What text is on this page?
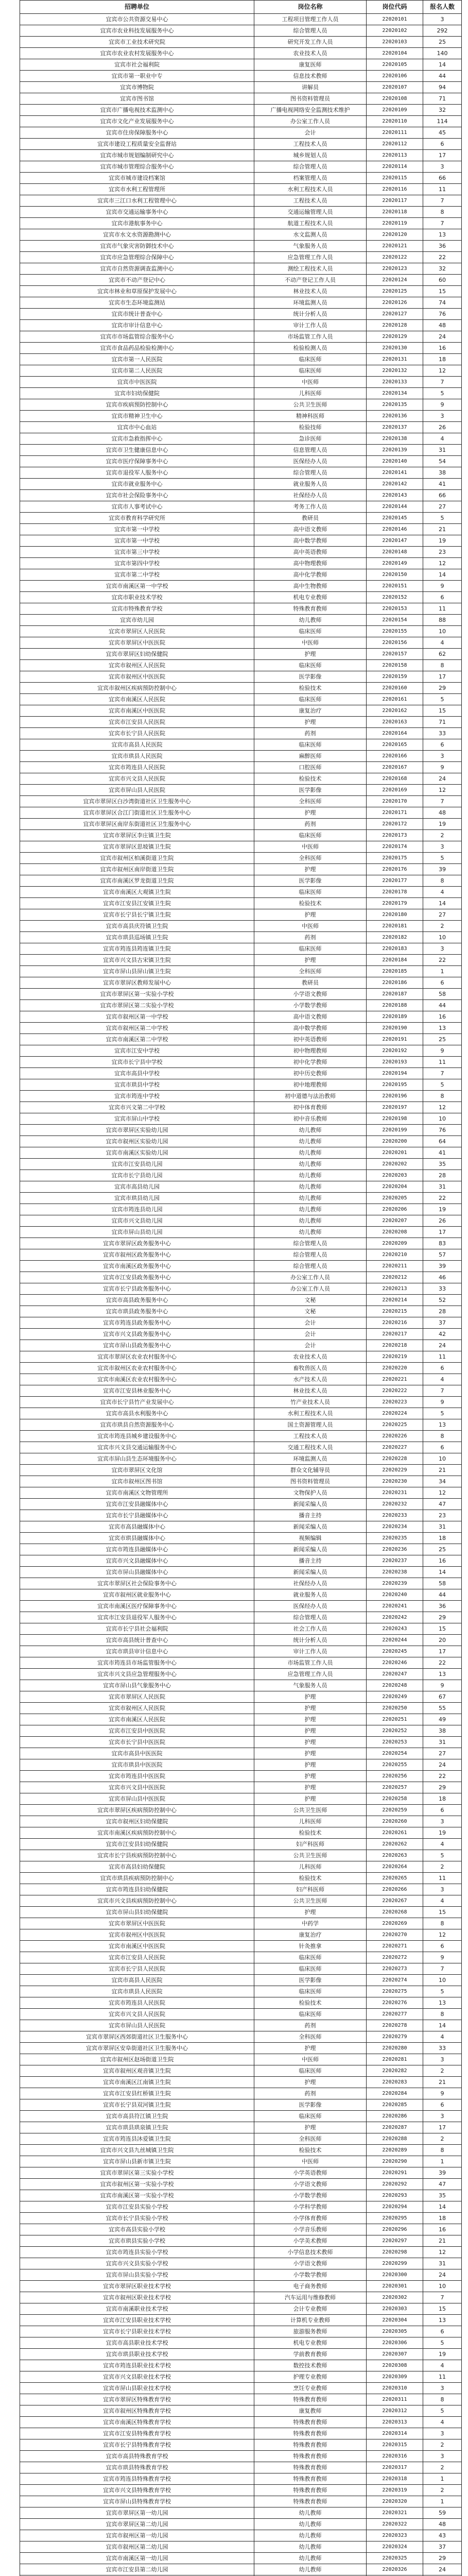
招聘单位	岗位名称	岗位代码	报名人数
宜宾市公共资源交易中心	工程项目管理工作人员	22020101	3
宜宾市农业科技发展服务中心	综合管理人员	22020102	292
宜宾市工业技术研究院	研究开发工作人员	22020103	25
宜宾市农业农村发展服务中心	农业技术人员	22020104	140
宜宾市社会福利院	康复医师	22020105	14
宜宾市第一职业中专	信息技术教师	22020106	44
宜宾市博物院	讲解员	22020107	94
宜宾市图书馆	图书资料管理员	22020108	71
宜宾市广播电视技术监测中心	广播电视网络安全监测技术维护	22020109	32
宜宾市文化产业发展服务中心	办公室工作人员	22020110	114
宜宾市住房保障服务中心	会计	22020111	45
宜宾市建设工程质量安全监督站	工程技术人员	22020112	6
宜宾市城市规划编制研究中心	城乡规划人员	22020113	17
宜宾市城市管理综合服务中心	综合管理人员	22020114	3
宜宾市城市建设档案馆	档案管理人员	22020115	66
宜宾市水利工程管理所	水利工程技术人员	22020116	11
宜宾市三江口水利工程管理中心	工程技术人员	22020117	7
宜宾市交通运输事务中心	交通运输管理人员	22020118	8
宜宾市港航事务中心	航道工程技术人员	22020119	7
宜宾市水文水资源勘测中心	水文监测人员	22020120	13
宜宾市气象灾害防御技术中心	气象服务人员	22020121	36
宜宾市应急管理综合保障中心	应急管理工作人员	22020122	22
宜宾市自然资源调查监测中心	测绘工程技术人员	22020123	32
宜宾市不动产登记中心	不动产登记工作人员	22020124	60
宜宾市林业和草原保护发展中心	林业技术人员	22020125	15
宜宾市生态环境监测站	环境监测人员	22020126	74
宜宾市统计普查中心	统计分析人员	22020127	76
宜宾市审计信息中心	审计工作人员	22020128	48
宜宾市市场监管综合服务中心	市场监管工作人员	22020129	24
宜宾市食品药品检验检测中心	检验检测人员	22020130	16
宜宾市第一人民医院	临床医师	22020131	18
宜宾市第二人民医院	临床医师	22020132	12
宜宾市中医医院	中医师	22020133	7
宜宾市妇幼保健院	儿科医师	22020134	5
宜宾市疾病预防控制中心	公共卫生医师	22020135	9
宜宾市精神卫生中心	精神科医师	22020136	3
宜宾市中心血站	检验技师	22020137	26
宜宾市急救指挥中心	急诊医师	22020138	4
宜宾市卫生健康信息中心	信息管理人员	22020139	31
宜宾市医疗保障事务中心	医保经办人员	22020140	54
宜宾市退役军人服务中心	综合管理人员	22020141	38
宜宾市就业服务中心	就业服务人员	22020142	41
宜宾市社会保险事务中心	社保经办人员	22020143	66
宜宾市人事考试中心	考务工作人员	22020144	27
宜宾市教育科学研究所	教研员	22020145	5
宜宾市第一中学校	高中语文教师	22020146	21
宜宾市第一中学校	高中数学教师	22020147	19
宜宾市第三中学校	高中英语教师	22020148	23
宜宾市第四中学校	高中物理教师	22020149	12
宜宾市第二中学校	高中化学教师	22020150	14
宜宾市南溪区第一中学校	高中生物教师	22020151	9
宜宾市职业技术学校	机电专业教师	22020152	6
宜宾市特殊教育学校	特殊教育教师	22020153	11
宜宾市幼儿园	幼儿教师	22020154	88
宜宾市翠屏区人民医院	临床医师	22020155	10
宜宾市翠屏区中医医院	中医师	22020156	4
宜宾市翠屏区妇幼保健院	护理	22020157	62
宜宾市叙州区人民医院	临床医师	22020158	8
宜宾市叙州区中医医院	医学影像	22020159	17
宜宾市叙州区疾病预防控制中心	检验技术	22020160	29
宜宾市南溪区人民医院	临床医师	22020161	5
宜宾市南溪区中医医院	康复治疗	22020162	15
宜宾市江安县人民医院	护理	22020163	71
宜宾市长宁县人民医院	药剂	22020164	33
宜宾市高县人民医院	临床医师	22020165	6
宜宾市珙县人民医院	麻醉医师	22020166	3
宜宾市筠连县人民医院	口腔医师	22020167	9
宜宾市兴文县人民医院	检验技术	22020168	24
宜宾市屏山县人民医院	医学影像	22020169	12
宜宾市翠屏区白沙湾街道社区卫生服务中心	全科医师	22020170	7
宜宾市翠屏区合江门街道社区卫生服务中心	护理	22020171	48
宜宾市翠屏区南岸东街道社区卫生服务中心	药剂	22020172	19
宜宾市翠屏区李庄镇卫生院	临床医师	22020173	2
宜宾市翠屏区思坡镇卫生院	中医师	22020174	3
宜宾市叙州区柏溪街道卫生院	全科医师	22020175	5
宜宾市叙州区南岸街道卫生院	护理	22020176	39
宜宾市南溪区罗龙街道卫生院	医学影像	22020177	8
宜宾市南溪区大观镇卫生院	临床医师	22020178	4
宜宾市江安县江安镇卫生院	检验技术	22020179	14
宜宾市长宁县长宁镇卫生院	护理	22020180	27
宜宾市高县庆符镇卫生院	中医师	22020181	2
宜宾市珙县巡场镇卫生院	药剂	22020182	10
宜宾市筠连县筠连镇卫生院	临床医师	22020183	3
宜宾市兴文县古宋镇卫生院	护理	22020184	22
宜宾市屏山县屏山镇卫生院	全科医师	22020185	1
宜宾市翠屏区教师发展中心	教研员	22020186	6
宜宾市翠屏区第一实验小学校	小学语文教师	22020187	58
宜宾市翠屏区第二实验小学校	小学数学教师	22020188	44
宜宾市叙州区第一中学校	高中语文教师	22020189	16
宜宾市叙州区第二中学校	高中数学教师	22020190	13
宜宾市南溪区第二中学校	初中英语教师	22020191	25
宜宾市江安中学校	初中物理教师	22020192	9
宜宾市长宁县中学校	初中化学教师	22020193	11
宜宾市高县中学校	初中历史教师	22020194	7
宜宾市珙县中学校	初中地理教师	22020195	5
宜宾市筠连中学校	初中道德与法治教师	22020196	8
宜宾市兴文第二中学校	初中体育教师	22020197	12
宜宾市屏山中学校	初中音乐教师	22020198	10
宜宾市翠屏区实验幼儿园	幼儿教师	22020199	76
宜宾市叙州区实验幼儿园	幼儿教师	22020200	64
宜宾市南溪区实验幼儿园	幼儿教师	22020201	41
宜宾市江安县幼儿园	幼儿教师	22020202	35
宜宾市长宁县幼儿园	幼儿教师	22020203	28
宜宾市高县幼儿园	幼儿教师	22020204	31
宜宾市珙县幼儿园	幼儿教师	22020205	22
宜宾市筠连县幼儿园	幼儿教师	22020206	19
宜宾市兴文县幼儿园	幼儿教师	22020207	26
宜宾市屏山县幼儿园	幼儿教师	22020208	17
宜宾市翠屏区政务服务中心	综合管理人员	22020209	83
宜宾市叙州区政务服务中心	综合管理人员	22020210	57
宜宾市南溪区政务服务中心	综合管理人员	22020211	39
宜宾市江安县政务服务中心	办公室工作人员	22020212	46
宜宾市长宁县政务服务中心	办公室工作人员	22020213	33
宜宾市高县政务服务中心	文秘	22020214	52
宜宾市珙县政务服务中心	文秘	22020215	28
宜宾市筠连县政务服务中心	会计	22020216	37
宜宾市兴文县政务服务中心	会计	22020217	42
宜宾市屏山县政务服务中心	会计	22020218	24
宜宾市翠屏区农业农村服务中心	农业技术人员	22020219	11
宜宾市叙州区农业农村服务中心	畜牧兽医人员	22020220	6
宜宾市南溪区农业农村服务中心	水产技术人员	22020221	4
宜宾市江安县林业服务中心	林业技术人员	22020222	7
宜宾市长宁县竹产业发展中心	竹产业技术人员	22020223	9
宜宾市高县水利服务中心	水利工程技术人员	22020224	5
宜宾市珙县自然资源服务中心	国土资源管理人员	22020225	13
宜宾市筠连县城乡建设服务中心	工程技术人员	22020226	8
宜宾市兴文县交通运输服务中心	交通工程技术人员	22020227	6
宜宾市屏山县生态环境服务中心	环境监测人员	22020228	10
宜宾市翠屏区文化馆	群众文化辅导员	22020229	21
宜宾市叙州区图书馆	图书资料管理员	22020230	34
宜宾市南溪区文物管理所	文物保护人员	22020231	12
宜宾市江安县融媒体中心	新闻采编人员	22020232	47
宜宾市长宁县融媒体中心	播音主持	22020233	23
宜宾市高县融媒体中心	新闻采编人员	22020234	31
宜宾市珙县融媒体中心	视频编辑	22020235	18
宜宾市筠连县融媒体中心	新闻采编人员	22020236	25
宜宾市兴文县融媒体中心	播音主持	22020237	16
宜宾市屏山县融媒体中心	新闻采编人员	22020238	14
宜宾市翠屏区社会保险事务中心	社保经办人员	22020239	58
宜宾市叙州区就业服务中心	就业服务人员	22020240	44
宜宾市南溪区医疗保障事务中心	医保经办人员	22020241	36
宜宾市江安县退役军人服务中心	综合管理人员	22020242	29
宜宾市长宁县社会福利院	社会工作人员	22020243	15
宜宾市高县统计普查中心	统计分析人员	22020244	20
宜宾市珙县审计信息中心	审计工作人员	22020245	17
宜宾市筠连县市场监管服务中心	市场监管工作人员	22020246	22
宜宾市兴文县应急管理服务中心	应急管理工作人员	22020247	13
宜宾市屏山县气象服务中心	气象服务人员	22020248	9
宜宾市翠屏区人民医院	护理	22020249	67
宜宾市叙州区人民医院	护理	22020250	55
宜宾市南溪区人民医院	护理	22020251	49
宜宾市江安县中医医院	护理	22020252	38
宜宾市长宁县中医医院	护理	22020253	31
宜宾市高县中医医院	护理	22020254	27
宜宾市珙县中医医院	护理	22020255	24
宜宾市筠连县中医医院	护理	22020256	22
宜宾市兴文县中医医院	护理	22020257	29
宜宾市屏山县中医医院	护理	22020258	18
宜宾市翠屏区疾病预防控制中心	公共卫生医师	22020259	6
宜宾市叙州区妇幼保健院	儿科医师	22020260	3
宜宾市南溪区疾病预防控制中心	检验技术	22020261	19
宜宾市江安县妇幼保健院	妇产科医师	22020262	4
宜宾市长宁县疾病预防控制中心	公共卫生医师	22020263	5
宜宾市高县妇幼保健院	儿科医师	22020264	2
宜宾市珙县疾病预防控制中心	检验技术	22020265	11
宜宾市筠连县妇幼保健院	妇产科医师	22020266	3
宜宾市兴文县疾病预防控制中心	公共卫生医师	22020267	4
宜宾市屏山县妇幼保健院	护理	22020268	15
宜宾市翠屏区中医医院	中药学	22020269	8
宜宾市叙州区中医医院	康复治疗	22020270	12
宜宾市南溪区中医医院	针灸推拿	22020271	6
宜宾市江安县人民医院	临床医师	22020272	9
宜宾市长宁县人民医院	临床医师	22020273	7
宜宾市高县人民医院	医学影像	22020274	10
宜宾市珙县人民医院	临床医师	22020275	5
宜宾市筠连县人民医院	检验技术	22020276	13
宜宾市兴文县人民医院	临床医师	22020277	8
宜宾市屏山县人民医院	药剂	22020278	14
宜宾市翠屏区西郊街道社区卫生服务中心	全科医师	22020279	4
宜宾市翠屏区安阜街道社区卫生服务中心	护理	22020280	33
宜宾市叙州区赵场街道卫生院	中医师	22020281	3
宜宾市叙州区观音镇卫生院	临床医师	22020282	2
宜宾市南溪区江南镇卫生院	护理	22020283	21
宜宾市江安县红桥镇卫生院	药剂	22020284	9
宜宾市长宁县双河镇卫生院	医学影像	22020285	6
宜宾市高县符江镇卫生院	临床医师	22020286	3
宜宾市珙县珙泉镇卫生院	护理	22020287	17
宜宾市筠连县沐爱镇卫生院	全科医师	22020288	2
宜宾市兴文县九丝城镇卫生院	检验技术	22020289	8
宜宾市屏山县新市镇卫生院	中医师	22020290	1
宜宾市翠屏区第三实验小学校	小学英语教师	22020291	39
宜宾市叙州区第一实验小学校	小学语文教师	22020292	47
宜宾市南溪区第一实验小学校	小学数学教师	22020293	35
宜宾市江安县实验小学校	小学科学教师	22020294	14
宜宾市长宁县实验小学校	小学体育教师	22020295	18
宜宾市高县实验小学校	小学音乐教师	22020296	16
宜宾市珙县实验小学校	小学美术教师	22020297	21
宜宾市筠连县实验小学校	小学信息技术教师	22020298	12
宜宾市兴文县实验小学校	小学语文教师	22020299	31
宜宾市屏山县实验小学校	小学数学教师	22020300	24
宜宾市翠屏区职业技术学校	电子商务教师	22020301	10
宜宾市叙州区职业技术学校	汽车运用与维修教师	22020302	7
宜宾市南溪职业技术学校	会计专业教师	22020303	15
宜宾市江安县职业技术学校	计算机专业教师	22020304	13
宜宾市长宁县职业技术学校	旅游服务教师	22020305	6
宜宾市高县职业技术学校	机电专业教师	22020306	5
宜宾市珙县职业技术学校	学前教育教师	22020307	19
宜宾市筠连县职业技术学校	数控技术教师	22020308	4
宜宾市兴文县职业技术学校	护理专业教师	22020309	11
宜宾市屏山县职业技术学校	烹饪专业教师	22020310	3
宜宾市翠屏区特殊教育学校	特殊教育教师	22020311	8
宜宾市叙州区特殊教育学校	康复教师	22020312	5
宜宾市南溪区特殊教育学校	特殊教育教师	22020313	4
宜宾市江安县特殊教育学校	特殊教育教师	22020314	3
宜宾市长宁县特殊教育学校	特殊教育教师	22020315	2
宜宾市高县特殊教育学校	特殊教育教师	22020316	3
宜宾市珙县特殊教育学校	特殊教育教师	22020317	2
宜宾市筠连县特殊教育学校	特殊教育教师	22020318	1
宜宾市兴文县特殊教育学校	特殊教育教师	22020319	2
宜宾市屏山县特殊教育学校	特殊教育教师	22020320	1
宜宾市翠屏区第一幼儿园	幼儿教师	22020321	59
宜宾市翠屏区第二幼儿园	幼儿教师	22020322	48
宜宾市叙州区第一幼儿园	幼儿教师	22020323	43
宜宾市叙州区第二幼儿园	幼儿教师	22020324	37
宜宾市南溪区第一幼儿园	幼儿教师	22020325	29
宜宾市江安县第二幼儿园	幼儿教师	22020326	24
